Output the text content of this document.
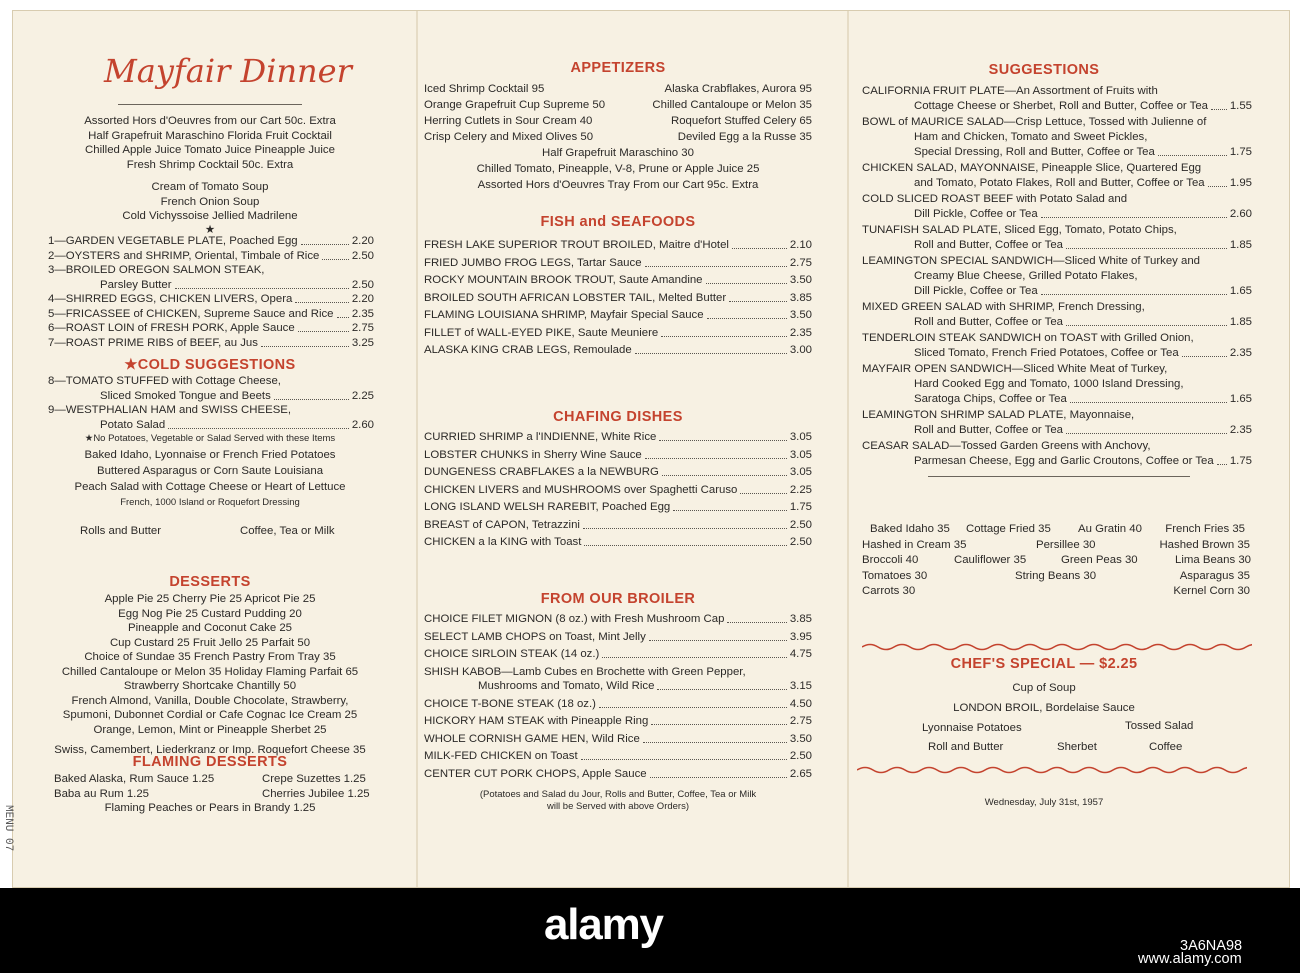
Mayfair Dinner
Assorted Hors d'Oeuvres from our Cart 50c. Extra
Half Grapefruit Maraschino Florida Fruit Cocktail
Chilled Apple Juice Tomato Juice Pineapple Juice
Fresh Shrimp Cocktail 50c. Extra
Cream of Tomato Soup
French Onion Soup
Cold Vichyssoise Jellied Madrilene
★
1—GARDEN VEGETABLE PLATE, Poached Egg	2.20
2—OYSTERS and SHRIMP, Oriental, Timbale of Rice	2.50
3—BROILED OREGON SALMON STEAK,
Parsley Butter	2.50
4—SHIRRED EGGS, CHICKEN LIVERS, Opera	2.20
5—FRICASSEE of CHICKEN, Supreme Sauce and Rice 2.35
6—ROAST LOIN of FRESH PORK, Apple Sauce	2.75
7—ROAST PRIME RIBS of BEEF, au Jus	3.25
★COLD SUGGESTIONS
8—TOMATO STUFFED with Cottage Cheese,
Sliced Smoked Tongue and Beets	2.25
9—WESTPHALIAN HAM and SWISS CHEESE,
Potato Salad	2.60
★No Potatoes, Vegetable or Salad Served with these Items
Baked Idaho, Lyonnaise or French Fried Potatoes
Buttered Asparagus or Corn Saute Louisiana
Peach Salad with Cottage Cheese or Heart of Lettuce
French, 1000 Island or Roquefort Dressing
Rolls and Butter	Coffee, Tea or Milk
DESSERTS
Apple Pie 25 Cherry Pie 25 Apricot Pie 25
Egg Nog Pie 25 Custard Pudding 20
Pineapple and Coconut Cake 25
Cup Custard 25 Fruit Jello 25 Parfait 50
Choice of Sundae 35 French Pastry From Tray 35
Chilled Cantaloupe or Melon 35 Holiday Flaming Parfait 65
Strawberry Shortcake Chantilly 50
French Almond, Vanilla, Double Chocolate, Strawberry,
Spumoni, Dubonnet Cordial or Cafe Cognac Ice Cream 25
Orange, Lemon, Mint or Pineapple Sherbet 25
Swiss, Camembert, Liederkranz or Imp. Roquefort Cheese 35
FLAMING DESSERTS
Baked Alaska, Rum Sauce 1.25	Crepe Suzettes 1.25
Baba au Rum 1.25	Cherries Jubilee 1.25
Flaming Peaches or Pears in Brandy 1.25
APPETIZERS
Iced Shrimp Cocktail 95	Alaska Crabflakes, Aurora 95
Orange Grapefruit Cup Supreme 50	Chilled Cantaloupe or Melon 35
Herring Cutlets in Sour Cream 40	Roquefort Stuffed Celery 65
Crisp Celery and Mixed Olives 50	Deviled Egg a la Russe 35
Half Grapefruit Maraschino 30
Chilled Tomato, Pineapple, V-8, Prune or Apple Juice 25
Assorted Hors d'Oeuvres Tray From our Cart 95c. Extra
FISH and SEAFOODS
FRESH LAKE SUPERIOR TROUT BROILED, Maitre d'Hotel	2.10
FRIED JUMBO FROG LEGS, Tartar Sauce	2.75
ROCKY MOUNTAIN BROOK TROUT, Saute Amandine	3.50
BROILED SOUTH AFRICAN LOBSTER TAIL, Melted Butter	3.85
FLAMING LOUISIANA SHRIMP, Mayfair Special Sauce	3.50
FILLET of WALL-EYED PIKE, Saute Meuniere	2.35
ALASKA KING CRAB LEGS, Remoulade	3.00
CHAFING DISHES
CURRIED SHRIMP a l'INDIENNE, White Rice	3.05
LOBSTER CHUNKS in Sherry Wine Sauce	3.05
DUNGENESS CRABFLAKES a la NEWBURG	3.05
CHICKEN LIVERS and MUSHROOMS over Spaghetti Caruso	2.25
LONG ISLAND WELSH RAREBIT, Poached Egg	1.75
BREAST of CAPON, Tetrazzini	2.50
CHICKEN a la KING with Toast	2.50
FROM OUR BROILER
CHOICE FILET MIGNON (8 oz.) with Fresh Mushroom Cap	3.85
SELECT LAMB CHOPS on Toast, Mint Jelly	3.95
CHOICE SIRLOIN STEAK (14 oz.)	4.75
SHISH KABOB—Lamb Cubes en Brochette with Green Pepper,
Mushrooms and Tomato, Wild Rice	3.15
CHOICE T-BONE STEAK (18 oz.)	4.50
HICKORY HAM STEAK with Pineapple Ring	2.75
WHOLE CORNISH GAME HEN, Wild Rice	3.50
MILK-FED CHICKEN on Toast	2.50
CENTER CUT PORK CHOPS, Apple Sauce	2.65
(Potatoes and Salad du Jour, Rolls and Butter, Coffee, Tea or Milk
will be Served with above Orders)
SUGGESTIONS
CALIFORNIA FRUIT PLATE—An Assortment of Fruits with
Cottage Cheese or Sherbet, Roll and Butter, Coffee or Tea 1.55
BOWL of MAURICE SALAD—Crisp Lettuce, Tossed with Julienne of
Ham and Chicken, Tomato and Sweet Pickles,
Special Dressing, Roll and Butter, Coffee or Tea	1.75
CHICKEN SALAD, MAYONNAISE, Pineapple Slice, Quartered Egg
and Tomato, Potato Flakes, Roll and Butter, Coffee or Tea 1.95
COLD SLICED ROAST BEEF with Potato Salad and
Dill Pickle, Coffee or Tea	2.60
TUNAFISH SALAD PLATE, Sliced Egg, Tomato, Potato Chips,
Roll and Butter, Coffee or Tea	1.85
LEAMINGTON SPECIAL SANDWICH—Sliced White of Turkey and
Creamy Blue Cheese, Grilled Potato Flakes,
Dill Pickle, Coffee or Tea	1.65
MIXED GREEN SALAD with SHRIMP, French Dressing,
Roll and Butter, Coffee or Tea	1.85
TENDERLOIN STEAK SANDWICH on TOAST with Grilled Onion,
Sliced Tomato, French Fried Potatoes, Coffee or Tea	2.35
MAYFAIR OPEN SANDWICH—Sliced White Meat of Turkey,
Hard Cooked Egg and Tomato, 1000 Island Dressing,
Saratoga Chips, Coffee or Tea	1.65
LEAMINGTON SHRIMP SALAD PLATE, Mayonnaise,
Roll and Butter, Coffee or Tea	2.35
CEASAR SALAD—Tossed Garden Greens with Anchovy,
Parmesan Cheese, Egg and Garlic Croutons, Coffee or Tea 1.75
Baked Idaho 35 Cottage Fried 35 Au Gratin 40	French Fries 35
Hashed in Cream 35	Persillee 30	Hashed Brown 35
Broccoli 40	Cauliflower 35	Green Peas 30	Lima Beans 30
Tomatoes 30	String Beans 30	Asparagus 35
Carrots 30	Kernel Corn 30
CHEF'S SPECIAL — $2.25
Cup of Soup
LONDON BROIL, Bordelaise Sauce
Lyonnaise Potatoes	Tossed Salad
Roll and Butter	Sherbet	Coffee
Wednesday, July 31st, 1957
MENU 07
alamy	3A6NA98
www.alamy.com
